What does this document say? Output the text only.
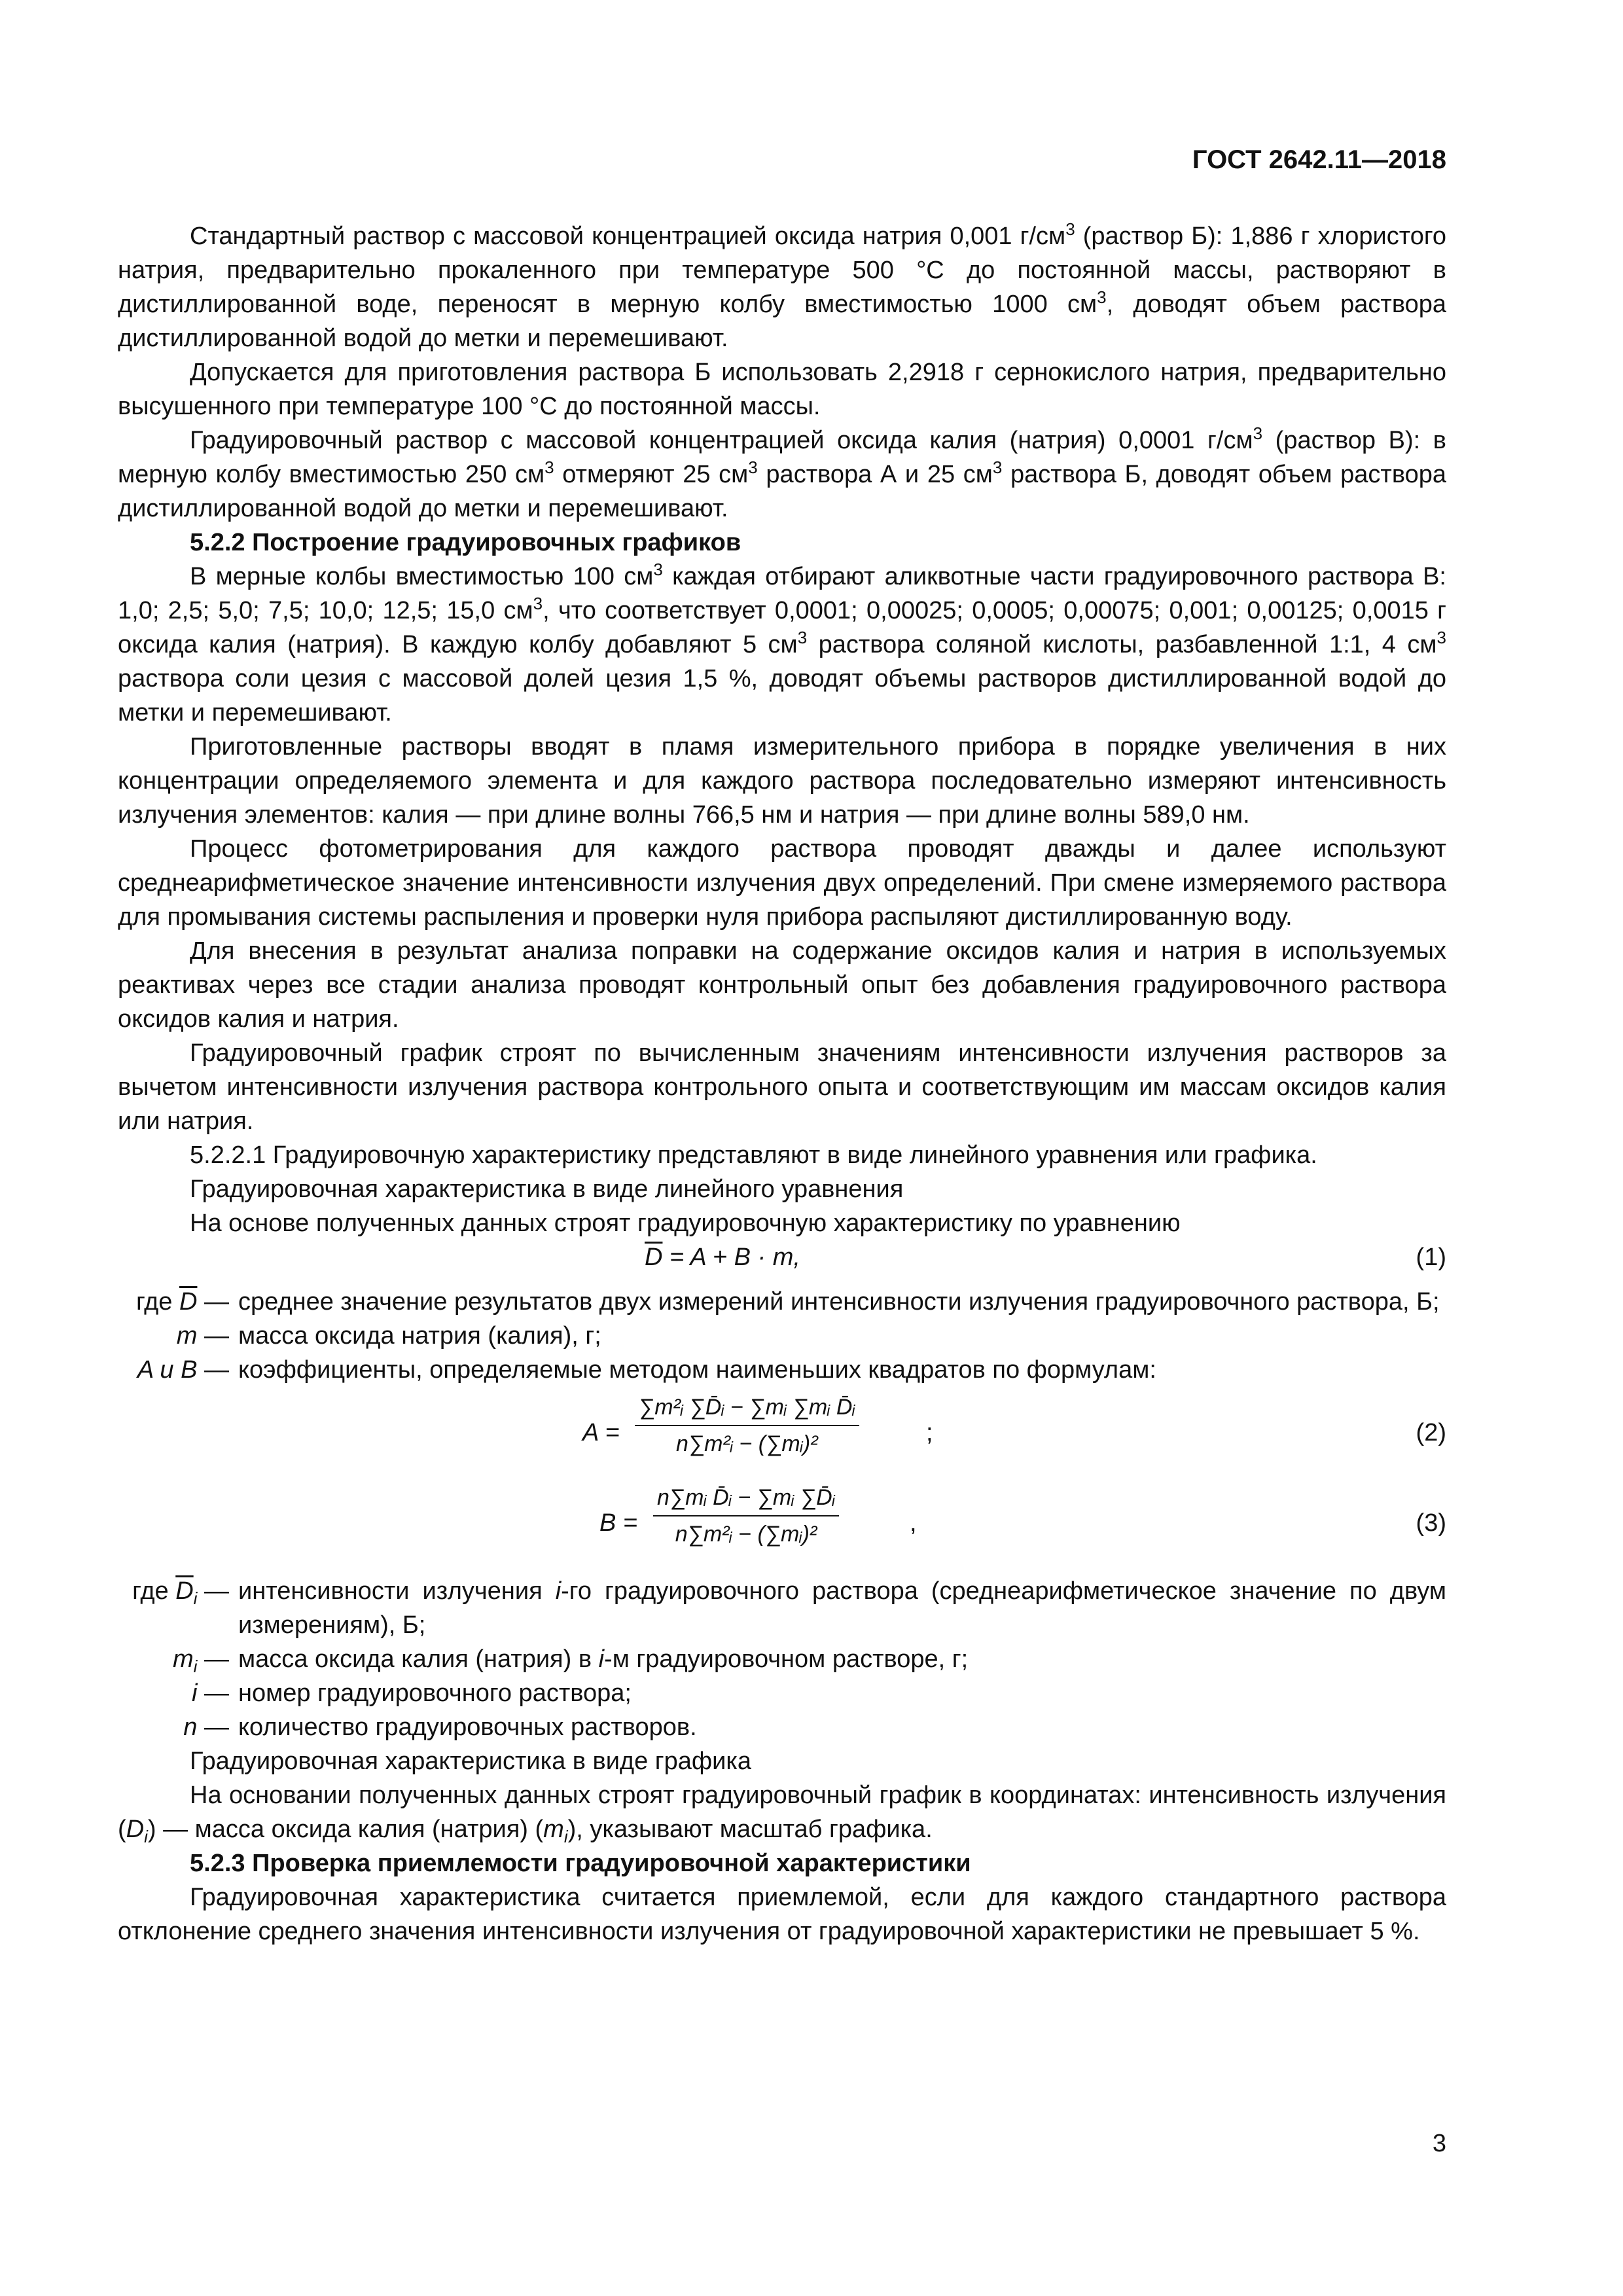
ГОСТ 2642.11—2018

Стандартный раствор с массовой концентрацией оксида натрия 0,001 $г/см^3$ (раствор Б): 1,886 г хлористого натрия, предварительно прокаленного при температуре 500 °С до постоянной массы, растворяют в дистиллированной воде, переносят в мерную колбу вместимостью 1000 $см^3$, доводят объем раствора дистиллированной водой до метки и перемешивают.

Допускается для приготовления раствора Б использовать 2,2918 г сернокислого натрия, предварительно высушенного при температуре 100 °С до постоянной массы.

Градуировочный раствор с массовой концентрацией оксида калия (натрия) 0,0001 $г/см^3$ (раствор В): в мерную колбу вместимостью 250 $см^3$ отмеряют 25 $см^3$ раствора А и 25 $см^3$ раствора Б, доводят объем раствора дистиллированной водой до метки и перемешивают.

5.2.2 Построение градуировочных графиков

В мерные колбы вместимостью 100 $см^3$ каждая отбирают аликвотные части градуировочного раствора В: 1,0; 2,5; 5,0; 7,5; 10,0; 12,5; 15,0 $см^3$, что соответствует 0,0001; 0,00025; 0,0005; 0,00075; 0,001; 0,00125; 0,0015 г оксида калия (натрия). В каждую колбу добавляют 5 $см^3$ раствора соляной кислоты, разбавленной 1:1, 4 $см^3$ раствора соли цезия с массовой долей цезия 1,5 %, доводят объемы растворов дистиллированной водой до метки и перемешивают.

Приготовленные растворы вводят в пламя измерительного прибора в порядке увеличения в них концентрации определяемого элемента и для каждого раствора последовательно измеряют интенсивность излучения элементов: калия — при длине волны 766,5 нм и натрия — при длине волны 589,0 нм.

Процесс фотометрирования для каждого раствора проводят дважды и далее используют среднеарифметическое значение интенсивности излучения двух определений. При смене измеряемого раствора для промывания системы распыления и проверки нуля прибора распыляют дистиллированную воду.

Для внесения в результат анализа поправки на содержание оксидов калия и натрия в используемых реактивах через все стадии анализа проводят контрольный опыт без добавления градуировочного раствора оксидов калия и натрия.

Градуировочный график строят по вычисленным значениям интенсивности излучения растворов за вычетом интенсивности излучения раствора контрольного опыта и соответствующим им массам оксидов калия или натрия.

5.2.2.1 Градуировочную характеристику представляют в виде линейного уравнения или графика.

Градуировочная характеристика в виде линейного уравнения

На основе полученных данных строят градуировочную характеристику по уравнению

$\overline{D} = A + B \cdot m$,	(1)
где $\overline{D}$ — среднее значение результатов двух измерений интенсивности излучения градуировочного раствора, Б;
m — масса оксида натрия (калия), г;
A и B — коэффициенты, определяемые методом наименьших квадратов по формулам:
$A = \frac{\text{∑m²ᵢ ∑D̄ᵢ − ∑mᵢ ∑mᵢ D̄ᵢ}}{\text{n∑m²ᵢ − (∑mᵢ)²}}$	;	(2)
$B = \frac{\text{n∑mᵢ D̄ᵢ − ∑mᵢ ∑D̄ᵢ}}{\text{n∑m²ᵢ − (∑mᵢ)²}}$	,	(3)
где $\overline{D}_i$ — интенсивности излучения i-го градуировочного раствора (среднеарифметическое значение по двум измерениям), Б;
$m_i$ — масса оксида калия (натрия) в i-м градуировочном растворе, г;
i — номер градуировочного раствора;
n — количество градуировочных растворов.

Градуировочная характеристика в виде графика

На основании полученных данных строят градуировочный график в координатах: интенсивность излучения $(D_i)$ — масса оксида калия (натрия) $(m_i)$, указывают масштаб графика.

5.2.3 Проверка приемлемости градуировочной характеристики

Градуировочная характеристика считается приемлемой, если для каждого стандартного раствора отклонение среднего значения интенсивности излучения от градуировочной характеристики не превышает 5 %.

3
